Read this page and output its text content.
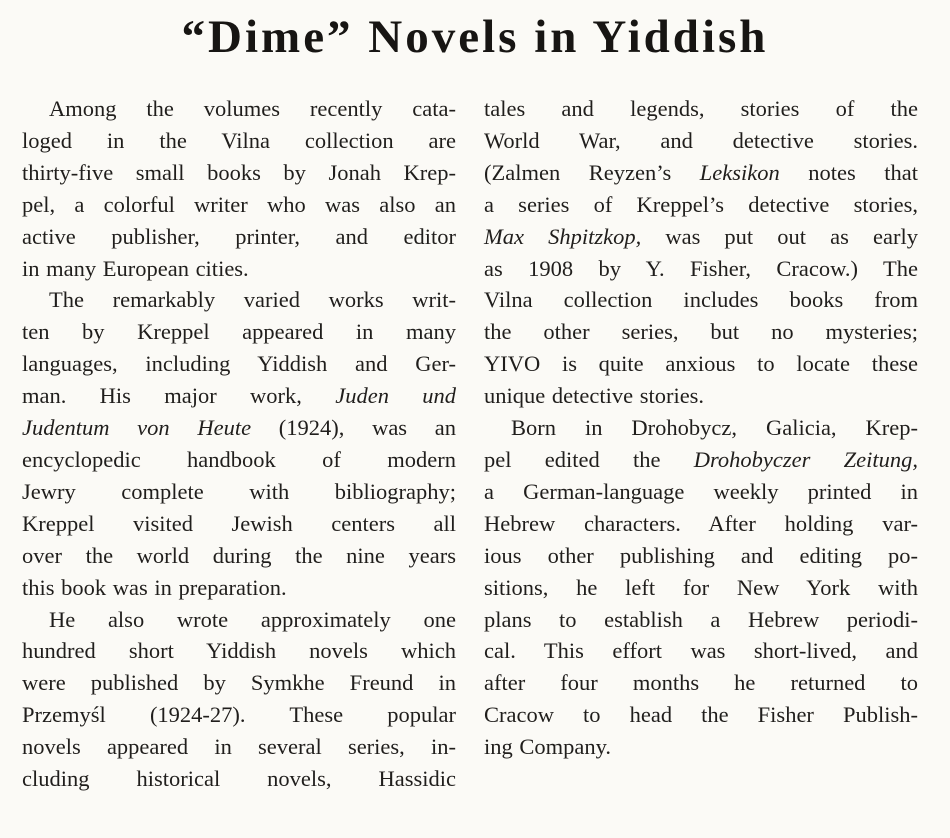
“Dime” Novels in Yiddish
Among the volumes recently cata-
loged in the Vilna collection are
thirty-five small books by Jonah Krep-
pel, a colorful writer who was also an
active publisher, printer, and editor
in many European cities.
The remarkably varied works writ-
ten by Kreppel appeared in many
languages, including Yiddish and Ger-
man. His major work, Juden und
Judentum von Heute (1924), was an
encyclopedic handbook of modern
Jewry complete with bibliography;
Kreppel visited Jewish centers all
over the world during the nine years
this book was in preparation.
He also wrote approximately one
hundred short Yiddish novels which
were published by Symkhe Freund in
Przemyśl (1924-27). These popular
novels appeared in several series, in-
cluding historical novels, Hassidic
tales and legends, stories of the
World War, and detective stories.
(Zalmen Reyzen’s Leksikon notes that
a series of Kreppel’s detective stories,
Max Shpitzkop, was put out as early
as 1908 by Y. Fisher, Cracow.) The
Vilna collection includes books from
the other series, but no mysteries;
YIVO is quite anxious to locate these
unique detective stories.
Born in Drohobycz, Galicia, Krep-
pel edited the Drohobyczer Zeitung,
a German-language weekly printed in
Hebrew characters. After holding var-
ious other publishing and editing po-
sitions, he left for New York with
plans to establish a Hebrew periodi-
cal. This effort was short-lived, and
after four months he returned to
Cracow to head the Fisher Publish-
ing Company.
